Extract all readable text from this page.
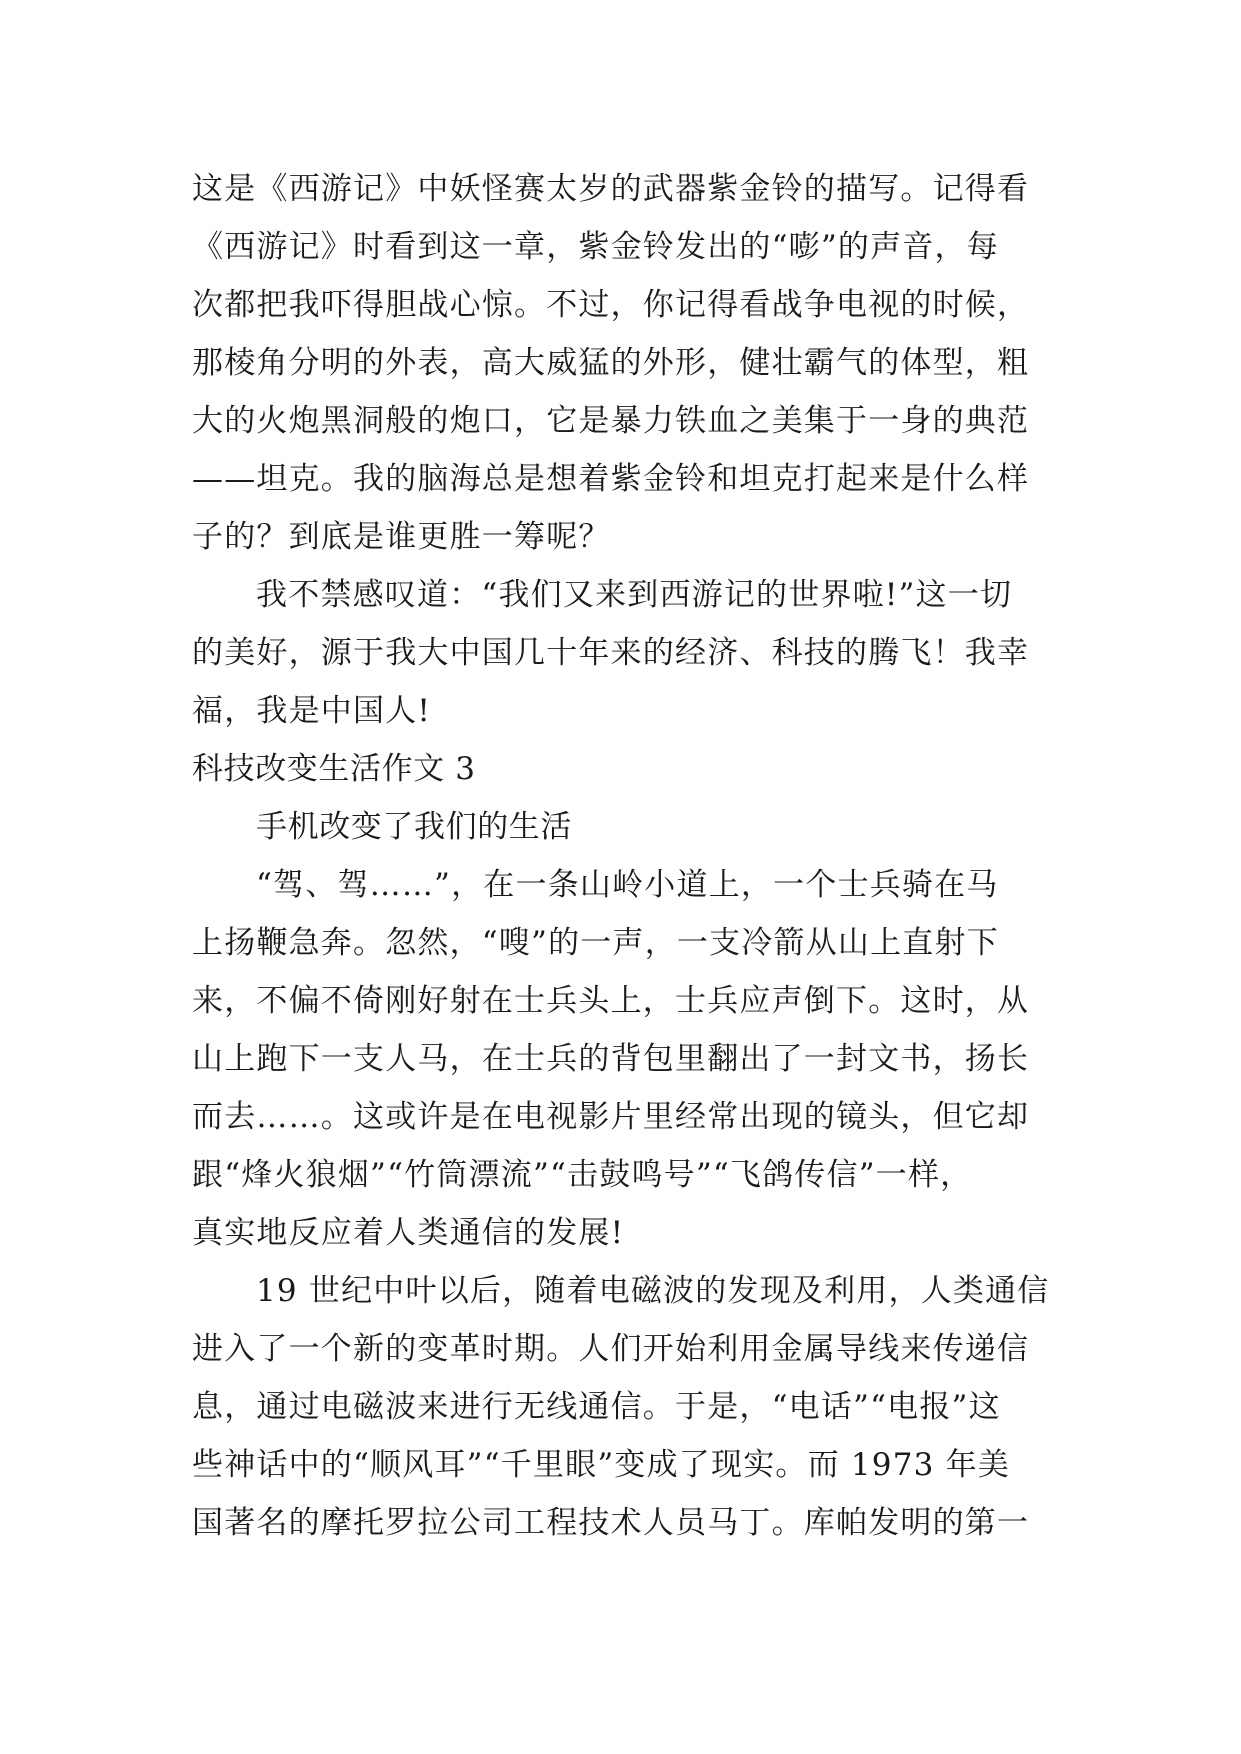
这是《西游记》中妖怪赛太岁的武器紫金铃的描写。记得看
《西游记》时看到这一章，紫金铃发出的“嘭”的声音，每
次都把我吓得胆战心惊。不过，你记得看战争电视的时候，
那棱角分明的外表，高大威猛的外形，健壮霸气的体型，粗
大的火炮黑洞般的炮口，它是暴力铁血之美集于一身的典范
——坦克。我的脑海总是想着紫金铃和坦克打起来是什么样
子的？到底是谁更胜一筹呢？
我不禁感叹道：“我们又来到西游记的世界啦!”这一切
的美好，源于我大中国几十年来的经济、科技的腾飞！我幸
福，我是中国人!
科技改变生活作文 3
手机改变了我们的生活
“驾、驾……”，在一条山岭小道上，一个士兵骑在马
上扬鞭急奔。忽然，“嗖”的一声，一支冷箭从山上直射下
来，不偏不倚刚好射在士兵头上，士兵应声倒下。这时，从
山上跑下一支人马，在士兵的背包里翻出了一封文书，扬长
而去……。这或许是在电视影片里经常出现的镜头，但它却
跟“烽火狼烟”“竹筒漂流”“击鼓鸣号”“飞鸽传信”一样，
真实地反应着人类通信的发展!
19 世纪中叶以后，随着电磁波的发现及利用，人类通信
进入了一个新的变革时期。人们开始利用金属导线来传递信
息，通过电磁波来进行无线通信。于是，“电话”“电报”这
些神话中的“顺风耳”“千里眼”变成了现实。而 1973 年美
国著名的摩托罗拉公司工程技术人员马丁。库帕发明的第一
